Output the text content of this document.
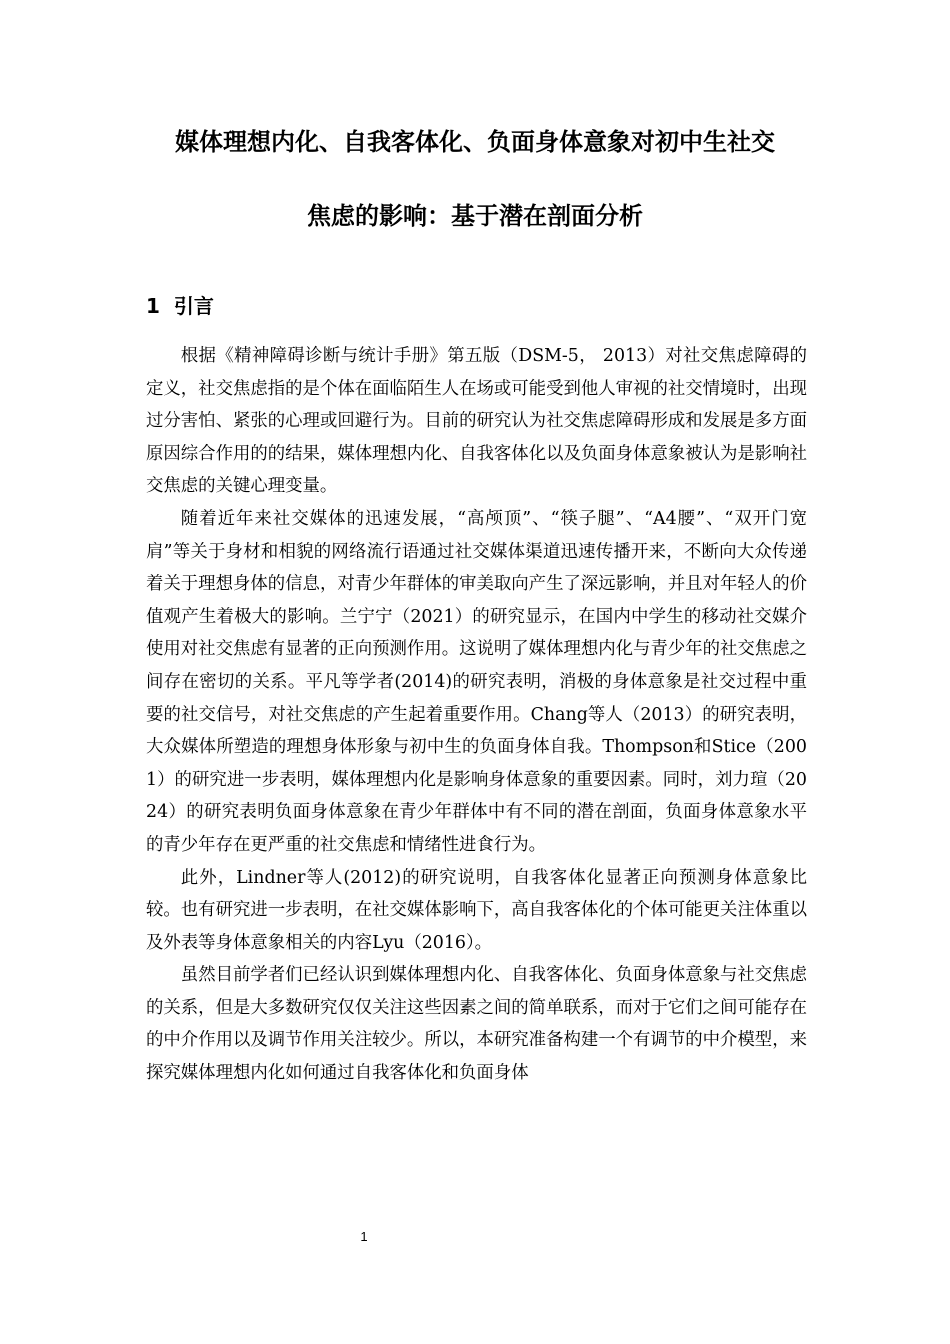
媒体理想内化、自我客体化、负面身体意象对初中生社交
焦虑的影响：基于潜在剖面分析
1 引言

根据《精神障碍诊断与统计手册》第五版（DSM-5， 2013）对社交焦虑障碍的定义，社交焦虑指的是个体在面临陌生人在场或可能受到他人审视的社交情境时，出现过分害怕、紧张的心理或回避行为。目前的研究认为社交焦虑障碍形成和发展是多方面原因综合作用的的结果，媒体理想内化、自我客体化以及负面身体意象被认为是影响社交焦虑的关键心理变量。

随着近年来社交媒体的迅速发展，“高颅顶”、“筷子腿”、“A4腰”、“双开门宽肩”等关于身材和相貌的网络流行语通过社交媒体渠道迅速传播开来，不断向大众传递着关于理想身体的信息，对青少年群体的审美取向产生了深远影响，并且对年轻人的价值观产生着极大的影响。兰宁宁（2021）的研究显示，在国内中学生的移动社交媒介使用对社交焦虑有显著的正向预测作用。这说明了媒体理想内化与青少年的社交焦虑之间存在密切的关系。平凡等学者(2014)的研究表明，消极的身体意象是社交过程中重要的社交信号，对社交焦虑的产生起着重要作用。Chang等人（2013）的研究表明，大众媒体所塑造的理想身体形象与初中生的负面身体自我。Thompson和Stice（2001）的研究进一步表明，媒体理想内化是影响身体意象的重要因素。同时，刘力瑄（2024）的研究表明负面身体意象在青少年群体中有不同的潜在剖面，负面身体意象水平的青少年存在更严重的社交焦虑和情绪性进食行为。

此外，Lindner等人(2012)的研究说明，自我客体化显著正向预测身体意象比较。也有研究进一步表明，在社交媒体影响下，高自我客体化的个体可能更关注体重以及外表等身体意象相关的内容Lyu（2016）。

虽然目前学者们已经认识到媒体理想内化、自我客体化、负面身体意象与社交焦虑的关系，但是大多数研究仅仅关注这些因素之间的简单联系，而对于它们之间可能存在的中介作用以及调节作用关注较少。所以，本研究准备构建一个有调节的中介模型，来探究媒体理想内化如何通过自我客体化和负面身体

1
